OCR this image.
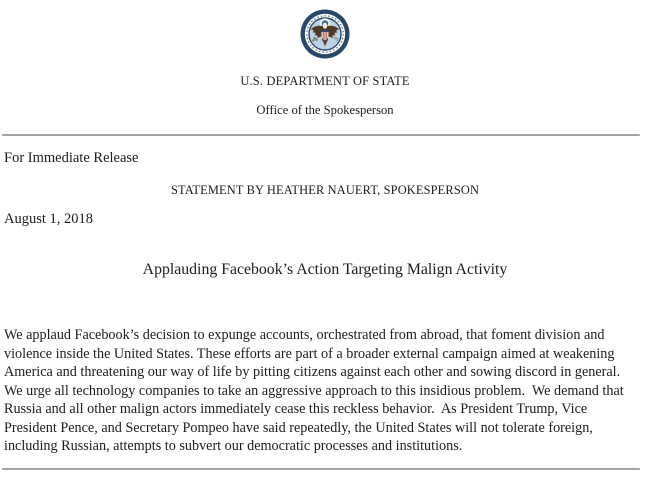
U.S. DEPARTMENT OF STATE
Office of the Spokesperson
For Immediate Release
STATEMENT BY HEATHER NAUERT, SPOKESPERSON
August 1, 2018
Applauding Facebook’s Action Targeting Malign Activity
We applaud Facebook’s decision to expunge accounts, orchestrated from abroad, that foment division and
violence inside the United States. These efforts are part of a broader external campaign aimed at weakening
America and threatening our way of life by pitting citizens against each other and sowing discord in general.
We urge all technology companies to take an aggressive approach to this insidious problem.  We demand that
Russia and all other malign actors immediately cease this reckless behavior.  As President Trump, Vice
President Pence, and Secretary Pompeo have said repeatedly, the United States will not tolerate foreign,
including Russian, attempts to subvert our democratic processes and institutions.
